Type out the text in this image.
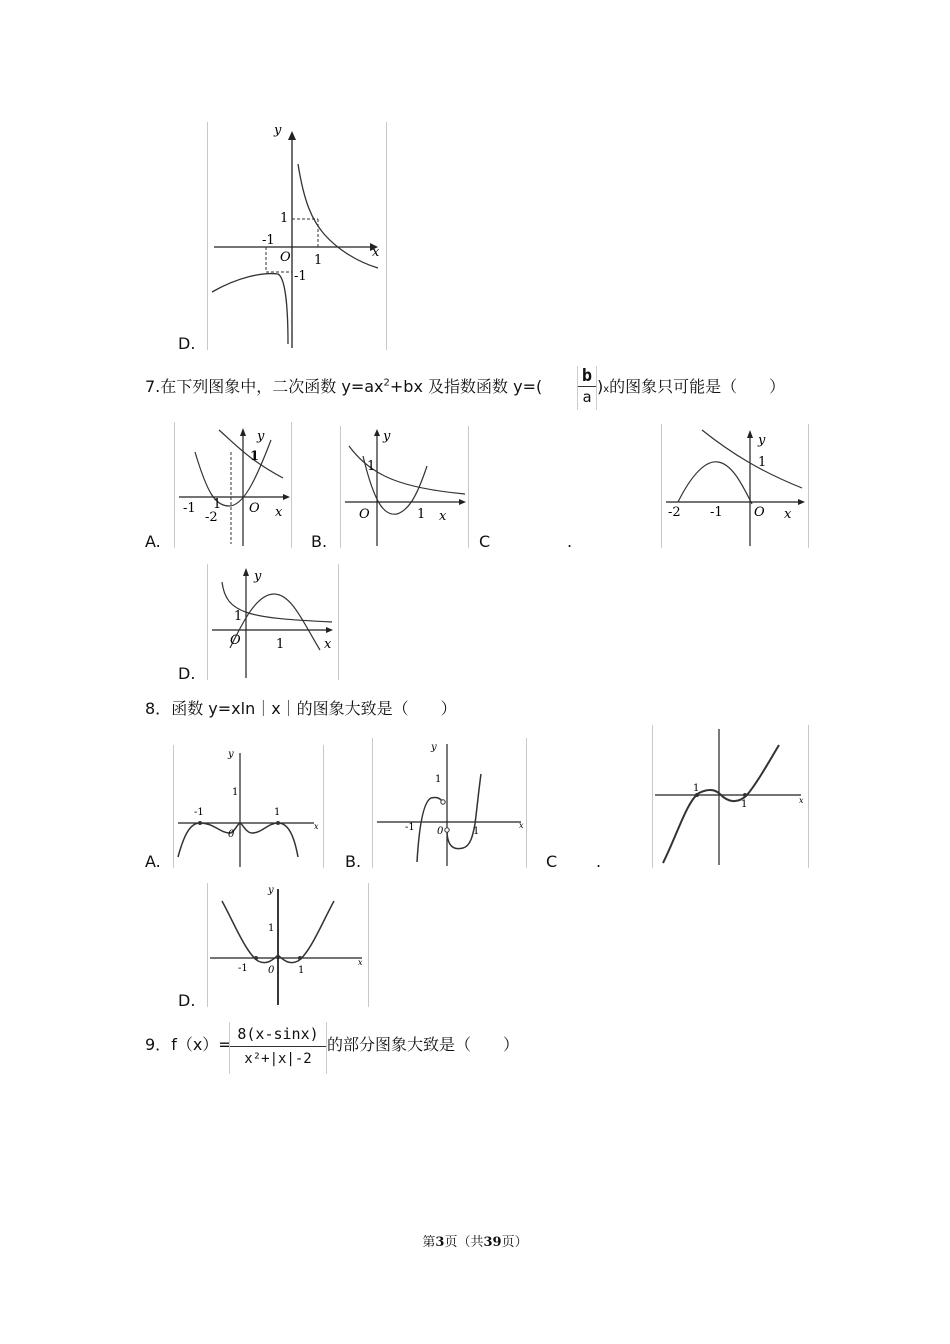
y
x
O
1
1
-1
-1
D.
7.在下列图象中，二次函数 $y=ax^2+bx$ 及指数函数 $y=( \frac{b}{a} )x$的图象只可能是（　　）
y
1
x
O
-1 1
-2
A.
y
1
O	1 x
B.	C	.
y
1
-2 -1 O x
y
1
O	1	x
D.
8．函数 y=xln｜x｜的图象大致是（　　）
y
1
-1	1
0
x
A.
y
1
-1 0	1
x
B.	C .
1
1	x
y
1
-1 0 1
x
D.
9．f（x）=
$\frac{8(x-\sin x)}{\text{x²+|x|-2}}$ 的部分图象大致是（　　）
第3页（共39页）
